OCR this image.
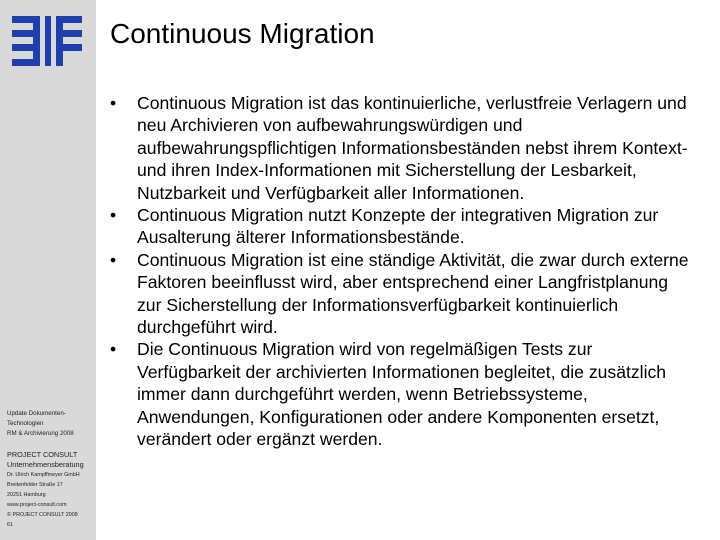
Update Dokumenten-
Technologien
RM & Archivierung 2008
PROJECT CONSULT
Unternehmensberatung
Dr. Ulrich Kampffmeyer GmbH
Breitenfelder Straße 17
20251 Hamburg
www.project-consult.com
© PROJECT CONSULT 2008
61
Continuous Migration
•	Continuous Migration ist das kontinuierliche, verlustfreie Verlagern und neu Archivieren von aufbewahrungswürdigen und aufbewahrungspflichtigen Informationsbeständen nebst ihrem Kontext- und ihren Index-Informationen mit Sicherstellung der Lesbarkeit, Nutzbarkeit und Verfügbarkeit aller Informationen.
•	Continuous Migration nutzt Konzepte der integrativen Migration zur Ausalterung älterer Informationsbestände.
•	Continuous Migration ist eine ständige Aktivität, die zwar durch externe Faktoren beeinflusst wird, aber entsprechend einer Langfristplanung zur Sicherstellung der Informationsverfügbarkeit kontinuierlich durchgeführt wird.
•	Die Continuous Migration wird von regelmäßigen Tests zur Verfügbarkeit der archivierten Informationen begleitet, die zusätzlich immer dann durchgeführt werden, wenn Betriebssysteme, Anwendungen, Konfigurationen oder andere Komponenten ersetzt, verändert oder ergänzt werden.
